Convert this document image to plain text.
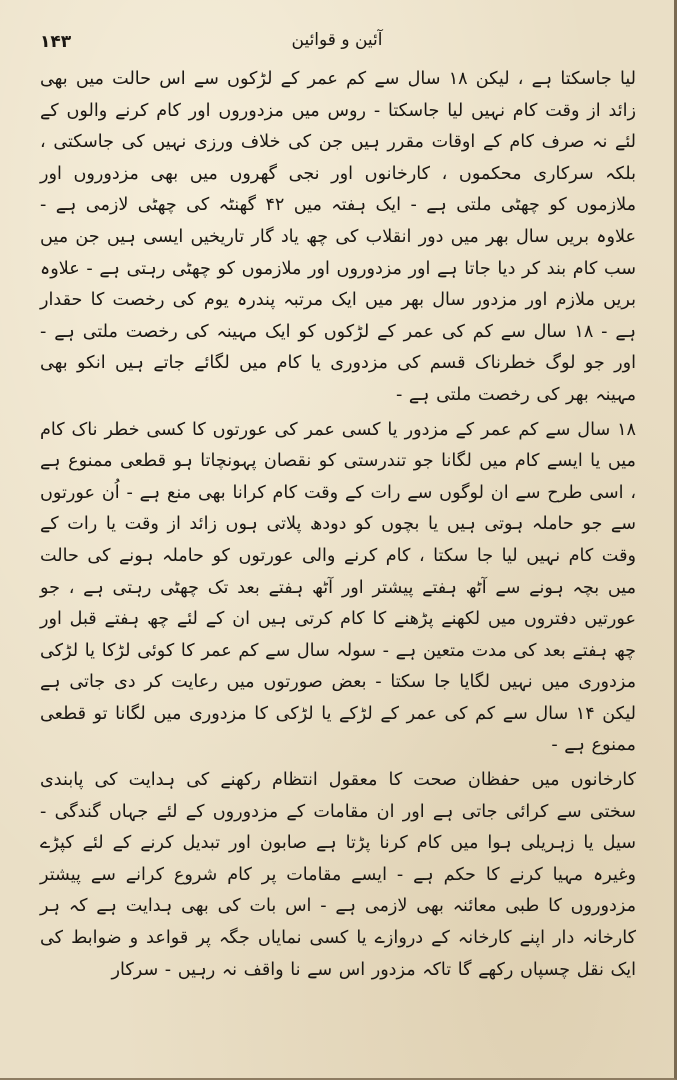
۱۴۳	آئین و قوائین

لیا جاسکتا ہے ، لیکن ۱۸ سال سے کم عمر کے لڑکوں سے اس حالت میں بھی زائد از وقت کام نہیں لیا جاسکتا - روس میں مزدوروں اور کام کرنے والوں کے لئے نہ صرف کام کے اوقات مقرر ہیں جن کی خلاف ورزی نہیں کی جاسکتی ، بلکہ سرکاری محکموں ، کارخانوں اور نجی گھروں میں بھی مزدوروں اور ملازموں کو چھٹی ملتی ہے - ایک ہفتہ میں ۴۲ گھنٹہ کی چھٹی لازمی ہے - علاوہ بریں سال بھر میں دور انقلاب کی چھ یاد گار تاریخیں ایسی ہیں جن میں سب کام بند کر دیا جاتا ہے اور مزدوروں اور ملازموں کو چھٹی رہتی ہے - علاوہ بریں ملازم اور مزدور سال بھر میں ایک مرتبہ پندرہ یوم کی رخصت کا حقدار ہے - ۱۸ سال سے کم کی عمر کے لڑکوں کو ایک مہینہ کی رخصت ملتی ہے - اور جو لوگ خطرناک قسم کی مزدوری یا کام میں لگائے جاتے ہیں انکو بھی مہینہ بھر کی رخصت ملتی ہے -

۱۸ سال سے کم عمر کے مزدور یا کسی عمر کی عورتوں کا کسی خطر ناک کام میں یا ایسے کام میں لگانا جو تندرستی کو نقصان پہونچاتا ہو قطعی ممنوع ہے ، اسی طرح سے ان لوگوں سے رات کے وقت کام کرانا بھی منع ہے - اُن عورتوں سے جو حاملہ ہوتی ہیں یا بچوں کو دودھ پلاتی ہوں زائد از وقت یا رات کے وقت کام نہیں لیا جا سکتا ، کام کرنے والی عورتوں کو حاملہ ہونے کی حالت میں بچہ ہونے سے آٹھ ہفتے پیشتر اور آٹھ ہفتے بعد تک چھٹی رہتی ہے ، جو عورتیں دفتروں میں لکھنے پڑھنے کا کام کرتی ہیں ان کے لئے چھ ہفتے قبل اور چھ ہفتے بعد کی مدت متعین ہے - سولہ سال سے کم عمر کا کوئی لڑکا یا لڑکی مزدوری میں نہیں لگایا جا سکتا - بعض صورتوں میں رعایت کر دی جاتی ہے لیکن ۱۴ سال سے کم کی عمر کے لڑکے یا لڑکی کا مزدوری میں لگانا تو قطعی ممنوع ہے -

کارخانوں میں حفظان صحت کا معقول انتظام رکھنے کی ہدایت کی پابندی سختی سے کرائی جاتی ہے اور ان مقامات کے مزدوروں کے لئے جہاں گندگی - سیل یا زہریلی ہوا میں کام کرنا پڑتا ہے صابون اور تبدیل کرنے کے لئے کپڑے وغیرہ مہیا کرنے کا حکم ہے - ایسے مقامات پر کام شروع کرانے سے پیشتر مزدوروں کا طبی معائنہ بھی لازمی ہے - اس بات کی بھی ہدایت ہے کہ ہر کارخانہ دار اپنے کارخانہ کے دروازے یا کسی نمایاں جگہ پر قواعد و ضوابط کی ایک نقل چسپاں رکھے گا تاکہ مزدور اس سے نا واقف نہ رہیں - سرکار
